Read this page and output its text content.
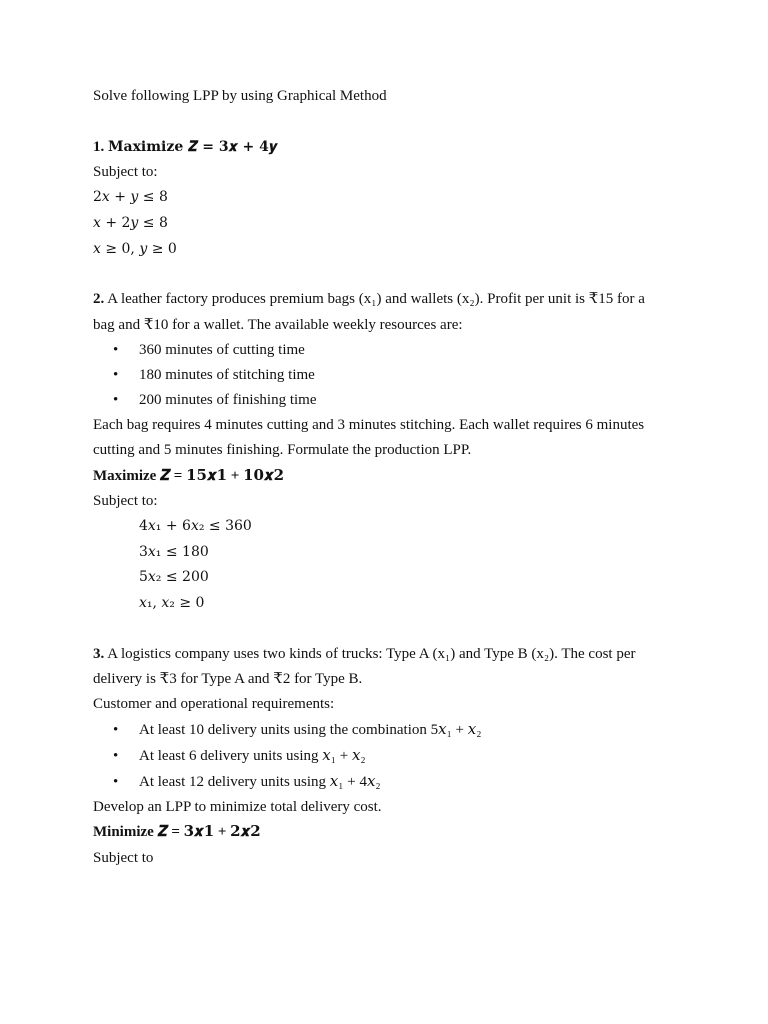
Solve following LPP by using Graphical Method
1. Maximize 𝒁 = 𝟑𝒙 + 𝟒𝒚
Subject to:
2𝑥 + 𝑦 ≤ 8
𝑥 + 2𝑦 ≤ 8
𝑥 ≥ 0, 𝑦 ≥ 0
2. A leather factory produces premium bags (x₁) and wallets (x₂). Profit per unit is ₹15 for a
bag and ₹10 for a wallet. The available weekly resources are:
• 360 minutes of cutting time
• 180 minutes of stitching time
• 200 minutes of finishing time
Each bag requires 4 minutes cutting and 3 minutes stitching. Each wallet requires 6 minutes
cutting and 5 minutes finishing. Formulate the production LPP.
Maximize 𝒁 = 𝟏𝟓𝒙𝟏 + 𝟏𝟎𝒙𝟐
Subject to:
4𝑥₁ + 6𝑥₂ ≤ 360
3𝑥₁ ≤ 180
5𝑥₂ ≤ 200
𝑥₁, 𝑥₂ ≥ 0
3. A logistics company uses two kinds of trucks: Type A (x₁) and Type B (x₂). The cost per
delivery is ₹3 for Type A and ₹2 for Type B.
Customer and operational requirements:
• At least 10 delivery units using the combination 5𝑥₁ + 𝑥₂
• At least 6 delivery units using 𝑥₁ + 𝑥₂
• At least 12 delivery units using 𝑥₁ + 4𝑥₂
Develop an LPP to minimize total delivery cost.
Minimize 𝒁 = 𝟑𝒙𝟏 + 𝟐𝒙𝟐
Subject to
